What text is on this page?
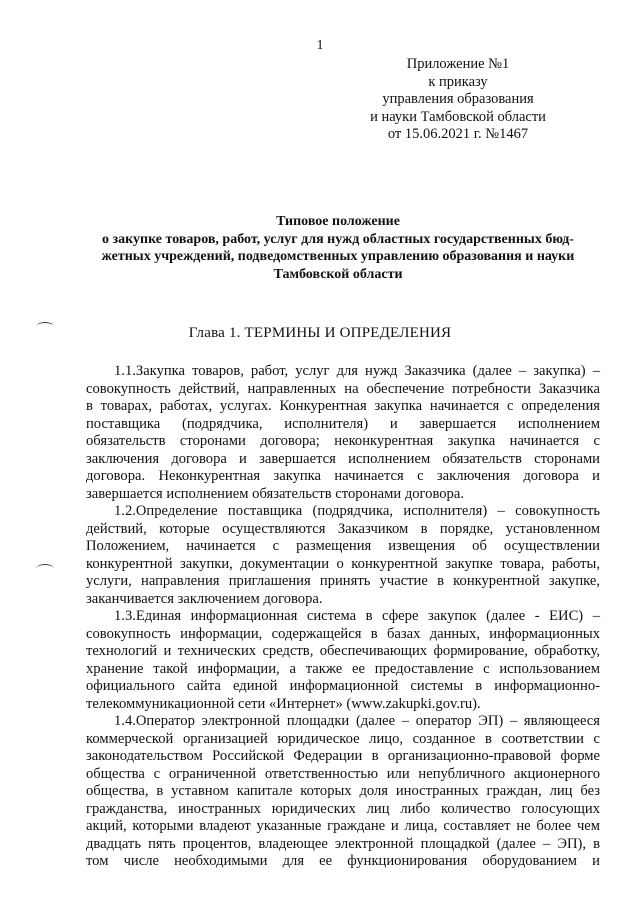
1
Приложение №1
к приказу
управления образования
и науки Тамбовской области
от 15.06.2021 г. №1467
Типовое положение
о закупке товаров, работ, услуг для нужд областных государственных бюд-
жетных учреждений, подведомственных управлению образования и науки
Тамбовской области
Глава 1. ТЕРМИНЫ И ОПРЕДЕЛЕНИЯ
1.1.Закупка товаров, работ, услуг для нужд Заказчика (далее – закупка) –
совокупность действий, направленных на обеспечение потребности Заказчика
в товарах, работах, услугах. Конкурентная закупка начинается с определения
поставщика (подрядчика, исполнителя) и завершается исполнением
обязательств сторонами договора; неконкурентная закупка начинается с
заключения договора и завершается исполнением обязательств сторонами
договора. Неконкурентная закупка начинается с заключения договора и
завершается исполнением обязательств сторонами договора.
1.2.Определение поставщика (подрядчика, исполнителя) – совокупность
действий, которые осуществляются Заказчиком в порядке, установленном
Положением, начинается с размещения извещения об осуществлении
конкурентной закупки, документации о конкурентной закупке товара, работы,
услуги, направления приглашения принять участие в конкурентной закупке,
заканчивается заключением договора.
1.3.Единая информационная система в сфере закупок (далее - ЕИС) –
совокупность информации, содержащейся в базах данных, информационных
технологий и технических средств, обеспечивающих формирование, обработку,
хранение такой информации, а также ее предоставление с использованием
официального сайта единой информационной системы в информационно-
телекоммуникационной сети «Интернет» (www.zakupki.gov.ru).
1.4.Оператор электронной площадки (далее – оператор ЭП) – являющееся
коммерческой организацией юридическое лицо, созданное в соответствии с
законодательством Российской Федерации в организационно-правовой форме
общества с ограниченной ответственностью или непубличного акционерного
общества, в уставном капитале которых доля иностранных граждан, лиц без
гражданства, иностранных юридических лиц либо количество голосующих
акций, которыми владеют указанные граждане и лица, составляет не более чем
двадцать пять процентов, владеющее электронной площадкой (далее – ЭП), в
том числе необходимыми для ее функционирования оборудованием и
